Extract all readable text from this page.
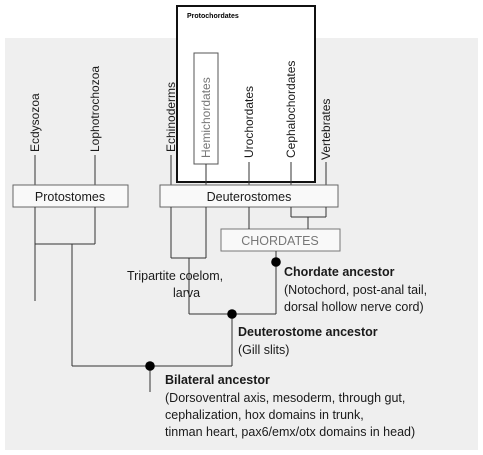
Protochordates
Ecdysozoa	Lophotrochozoa	Echinoderms Hemichordates Urochordates Cephalochordates Vertebrates
Protostomes	Deuterostomes
CHORDATES
Tripartite coelom,
larva
Chordate ancestor
(Notochord, post-anal tail,
dorsal hollow nerve cord)
Deuterostome ancestor
(Gill slits)
Bilateral ancestor
(Dorsoventral axis, mesoderm, through gut,
cephalization, hox domains in trunk,
tinman heart, pax6/emx/otx domains in head)
